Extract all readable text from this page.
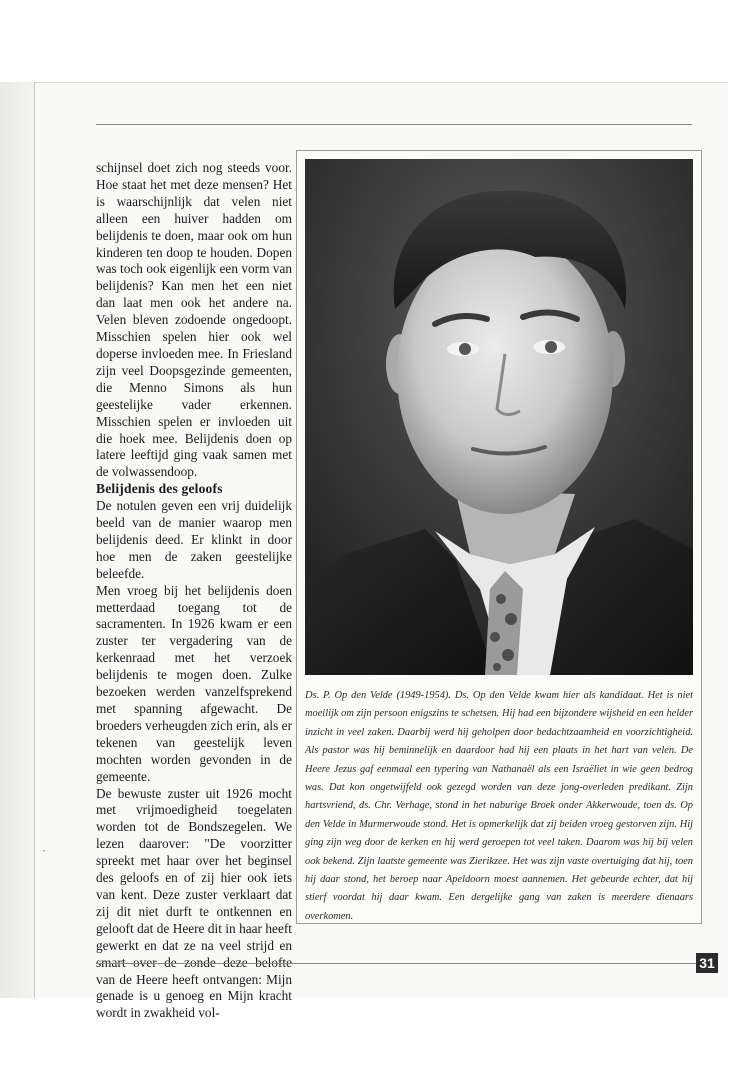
schijnsel doet zich nog steeds voor. Hoe staat het met deze mensen? Het is waarschijnlijk dat velen niet alleen een huiver hadden om belijdenis te doen, maar ook om hun kinderen ten doop te houden. Dopen was toch ook eigenlijk een vorm van belijdenis? Kan men het een niet dan laat men ook het andere na. Velen bleven zodoende ongedoopt. Misschien spelen hier ook wel doperse invloeden mee. In Friesland zijn veel Doopsgezinde gemeenten, die Menno Simons als hun geestelijke vader erkennen. Misschien spelen er invloeden uit die hoek mee. Belijdenis doen op latere leeftijd ging vaak samen met de volwassendoop.

Belijdenis des geloofs

De notulen geven een vrij duidelijk beeld van de manier waarop men belijdenis deed. Er klinkt in door hoe men de zaken geestelijke beleefde.

Men vroeg bij het belijdenis doen metterdaad toegang tot de sacramenten. In 1926 kwam er een zuster ter vergadering van de kerkenraad met het verzoek belijdenis te mogen doen. Zulke bezoeken werden vanzelfsprekend met spanning afgewacht. De broeders verheugden zich erin, als er tekenen van geestelijk leven mochten worden gevonden in de gemeente.

De bewuste zuster uit 1926 mocht met vrijmoedigheid toegelaten worden tot de Bondszegelen. We lezen daarover: "De voorzitter spreekt met haar over het beginsel des geloofs en of zij hier ook iets van kent. Deze zuster verklaart dat zij dit niet durft te ontkennen en gelooft dat de Heere dit in haar heeft gewerkt en dat ze na veel strijd en van de Heere heeft ontvangen: Mijn genade is u genoeg en Mijn kracht wordt in zwakheid vol-

᛫

Ds. P. Op den Velde (1949-1954). Ds. Op den Velde kwam hier als kandidaat. Het is niet moeilijk om zijn persoon enigszins te schetsen. Hij had een bijzondere wijsheid en een helder inzicht in veel zaken. Daarbij werd hij geholpen door bedachtzaamheid en voorzichtigheid. Als pastor was hij beminnelijk en daardoor had hij een plaats in het hart van velen. De Heere Jezus gaf eenmaal een typering van Nathanaël als een Israëliet in wie geen bedrog was. Dat kon ongetwijfeld ook gezegd worden van deze jong-overleden predikant. Zijn hartsvriend, ds. Chr. Verhage, stond in het naburige Broek onder Akkerwoude, toen ds. Op den Velde in Murmerwoude stond. Het is opmerkelijk dat zij beiden vroeg gestorven zijn. Hij ging zijn weg door de kerken en hij werd geroepen tot veel taken. Daarom was hij bij velen ook bekend. Zijn laatste gemeente was Zierikzee. Het was zijn vaste overtuiging dat hij, toen hij daar stond, het beroep naar Apeldoorn moest aannemen. Het gebeurde echter, dat hij stierf voordat hij daar kwam. Een dergelijke gang van zaken is meerdere dienaars overkomen.

31
